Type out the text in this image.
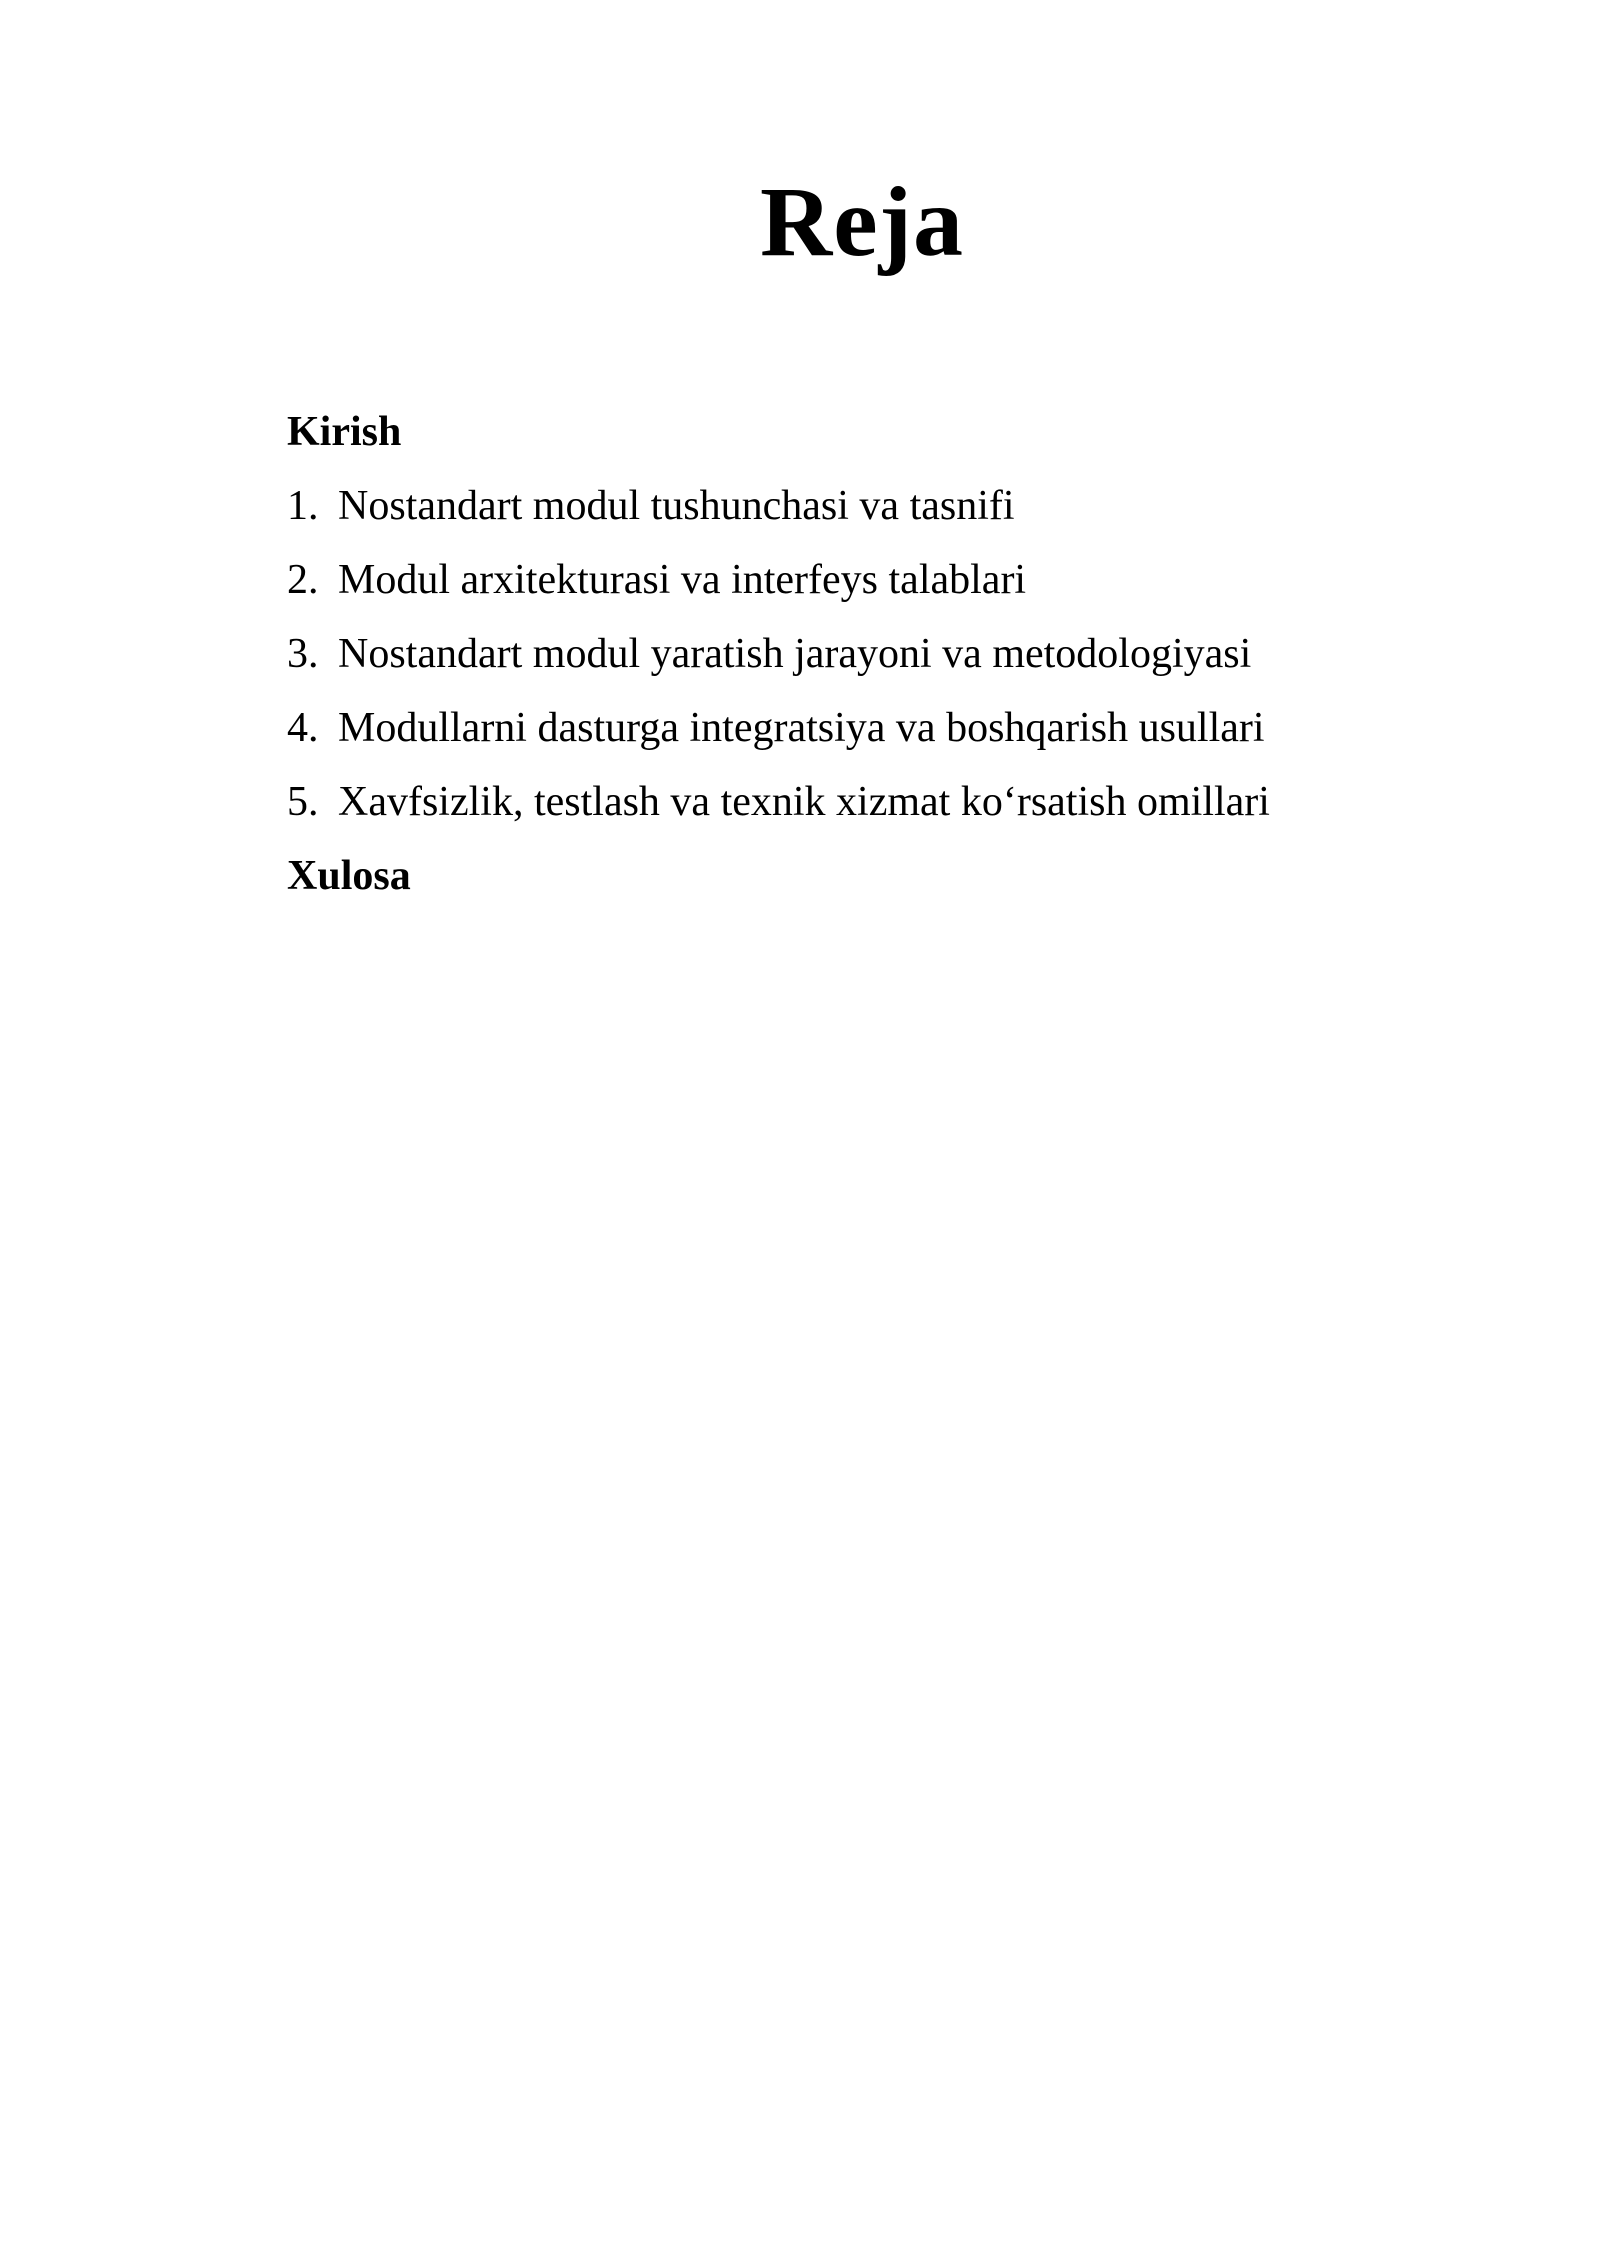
Reja
Kirish
1. Nostandart modul tushunchasi va tasnifi
2. Modul arxitekturasi va interfeys talablari
3. Nostandart modul yaratish jarayoni va metodologiyasi
4. Modullarni dasturga integratsiya va boshqarish usullari
5. Xavfsizlik, testlash va texnik xizmat ko‘rsatish omillari
Xulosa
